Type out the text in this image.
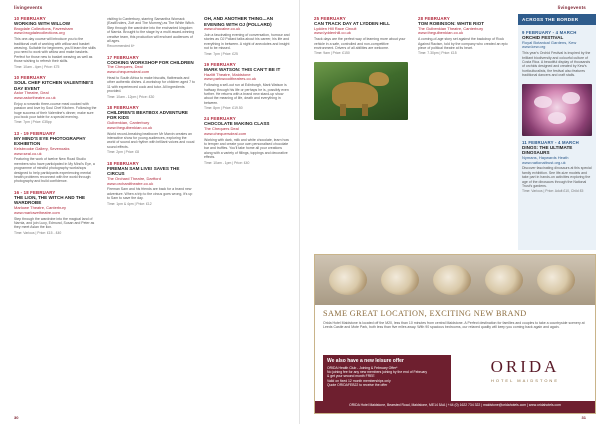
livingevents
10 FEBRUARY
WORKING WITH WILLOW
Brogdale Collections, Faversham
www.brogdalecollections.org
This one-day course will introduce you to the traditional craft of working with willow and basket weaving. Suitable for beginners, you'll learn the skills you need to work with willow and make baskets. Perfect for those new to basket weaving as well as those wishing to refresh their skills.
Time: 10am - 4pm | Price: £75
10 FEBRUARY
SOUL CHEF KITCHEN VALENTINE'S DAY EVENT
Astor Theatre, Deal
www.astortheatre.co.uk
Enjoy a romantic three-course meal cooked with passion and love by Soul Chef Kitchen. Following the huge success of their Valentine's dinner, make sure you book your table for a special evening.
Time: 7pm | Price: £35pp
13 - 19 FEBRUARY
MY MIND'S EYE PHOTOGRAPHY EXHIBITION
Kelsbrooke Gallery, Sevenoaks
www.seal.co.uk
Featuring the work of twelve New Road Studio members who have participated in My Mind's Eye, a programme of mindful photography workshops designed to help participants experiencing mental health problems reconnect with the world through photography and build confidence.
16 - 18 FEBRUARY
THE LION, THE WITCH AND THE WARDROBE
Marlowe Theatre, Canterbury
www.marlowetheatre.com
Step through the wardrobe into the magical land of Narnia, and join Lucy, Edmund, Susan and Peter as they meet Aslan the lion.
Time: Various | Price: £15 - £40
visiting to Canterbury, starring Samantha Womack (EastEnders, Zoë and The Mummy) as The White Witch. Step through the wardrobe into the enchanted kingdom of Narnia. Brought to the stage by a multi award-winning creative team, this production will enchant audiences of all ages.
Recommended 6+
17 FEBRUARY
COOKING WORKSHOP FOR CHILDREN
The Chequers, Deal
www.chequersdeal.com
Head to South Africa to make biscuits, flatbreads and other authentic dishes. A workshop for children aged 7 to 11 with experienced cook and tutor. All ingredients provided.
Time: 10am - 12pm | Price: £30
18 FEBRUARY
CHILDREN'S BEATBOX ADVENTURE FOR KIDS
Gulbenkian, Canterbury
www.thegulbenkian.co.uk
World record-breaking beatboxer Mr Marvin creates an interactive show for young audiences, exploring the world of sound and rhythm with brilliant voices and vocal sound effects.
Time: 2pm | Price: £8
18 FEBRUARY
FIREMAN SAM LIVE! SAVES THE CIRCUS
The Orchard Theatre, Dartford
www.orchardtheatre.co.uk
Fireman Sam and his friends are back for a brand new adventure. When a trip to the circus goes wrong, it's up to Sam to save the day.
Time: 1pm & 4pm | Price: £12
OH, AND ANOTHER THING...AN EVENING WITH OJ (POLLARD)
www.chocaine.co.uk
Join a fascinating evening of conversation, humour and stories as OJ Pollard talks about his career, his life and everything in between. A night of anecdotes and insight not to be missed.
Time: 7pm | Price: £25
19 FEBRUARY
MARK WATSON: THIS CAN'T BE IT
Hazlitt Theatre, Maidstone
www.parkwoodtheatres.co.uk
Following a sell-out run at Edinburgh, Mark Watson is halfway through his life or perhaps he is, possibly even further. He returns with a brand new stand-up show about the meaning of life, death and everything in between.
Time: 8pm | Price: £19.50
24 FEBRUARY
CHOCOLATE MAKING CLASS
The Chequers Deal
www.chequersdeal.com
Working with dark, milk and white chocolate, learn how to temper and create your own personalised chocolate bar and truffles. You'll take home all your creations along with a variety of fillings, toppings and decorative effects.
Time: 10am - 1pm | Price: £40
30
livingevents
25 FEBRUARY
CAN TRACK DAY AT LYDDEN HILL
Lydden Hill Race Circuit
www.lyddenhill.co.uk
Track days are the perfect way of learning more about your vehicle in a safe, controlled and non-competitive environment. Drivers of all abilities are welcome.
Time: 9am | Price: £150
28 FEBRUARY
TOM ROBINSON: WHITE RIOT
The Gulbenkian Theatre, Canterbury
www.thegulbenkian.co.uk
A coming-of-age story set against the backdrop of Rock Against Racism, told by the company who created an epic piece of political theatre at its heart.
Time: 7.30pm | Price: £15
ACROSS THE BORDER
9 FEBRUARY - 4 MARCH
ORCHID FESTIVAL
Royal Botanical Gardens, Kew
www.kew.org
This year's Orchid Festival is inspired by the brilliant biodiversity and colourful culture of Costa Rica. A beautiful display of thousands of orchids designed and created by Kew's horticulturalists, the festival also features traditional dancers and craft stalls.
11 FEBRUARY - 4 MARCH
DINOS: THE ULTIMATE DINOSAURS
Nymans, Haywards Heath
www.nationaltrust.org.uk
Discover fascinating dinosaurs at this special family exhibition. See life-size models and take part in hands-on activities exploring the age of the dinosaurs through the National Trust's gardens.
Time: Various | Price: Adult £10, Child £5
31
SAME GREAT LOCATION, EXCITING NEW BRAND
Orida Hotel Maidstone is located off the M20, less than 10 minutes from central Maidstone. A Perfect destination for families and couples to take a countryside scenery at Leeds Castle and Mote Park, both less than five miles away. With 90 spacious bedrooms, our relaxed quality will keep you coming back again and again.
We also have a new leisure offer
ORIDA Health Club - Joining & February Offer*
No joining fee for any new members joining by the end of February
& get your second month FREE
Valid on fixed 12 month memberships only
Quote ORIDAFEB22 to receive the offer
ORIDA
HOTEL MAIDSTONE
ORIDA Hotel Maidstone, Bearsted Road, Maidstone, ME14 5AA | +44 (0) 1622 734 322 | maidstone@oridahotels.com | www.oridahotels.com
